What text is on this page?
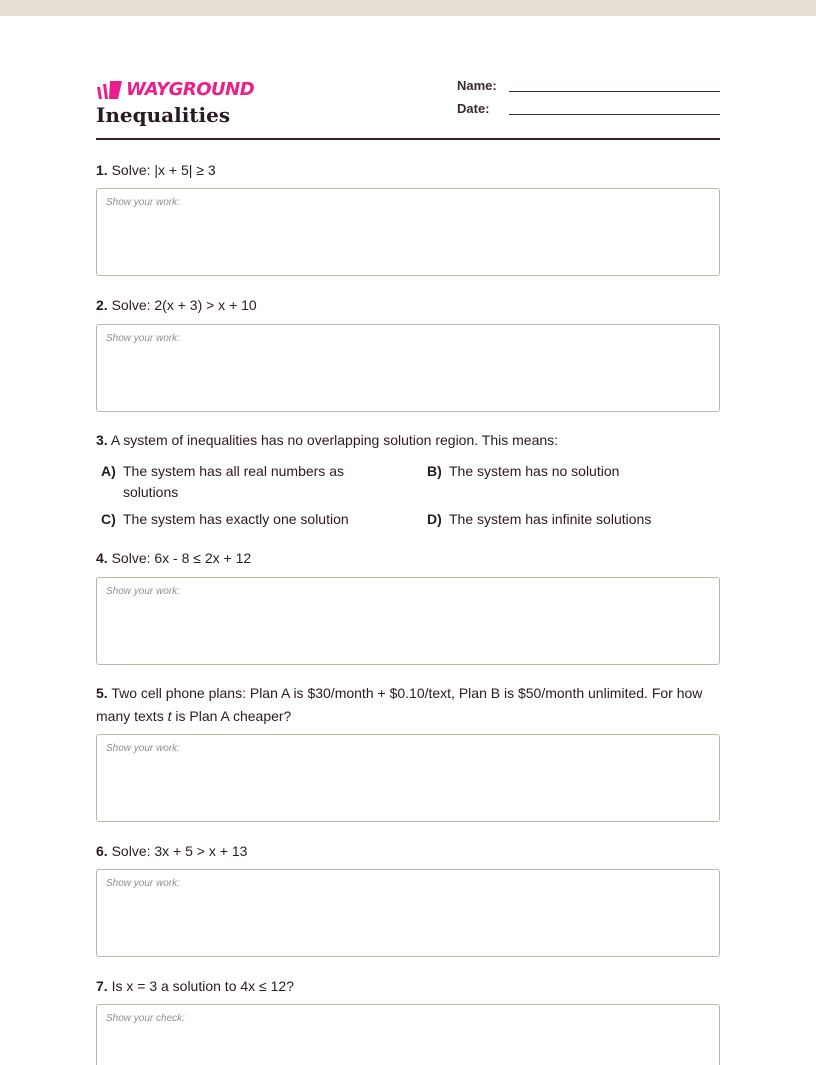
WAYGROUND
Inequalities
Name:
Date:
1. Solve: |x + 5| ≥ 3
Show your work:
2. Solve: 2(x + 3) > x + 10
Show your work:
3. A system of inequalities has no overlapping solution region. This means:
A) The system has all real numbers as solutions
B) The system has no solution
C) The system has exactly one solution	D) The system has infinite solutions
4. Solve: 6x - 8 ≤ 2x + 12
Show your work:
5. Two cell phone plans: Plan A is $30/month + $0.10/text, Plan B is $50/month unlimited. For how many texts t is Plan A cheaper?
Show your work:
6. Solve: 3x + 5 > x + 13
Show your work:
7. Is x = 3 a solution to 4x ≤ 12?
Show your check:
